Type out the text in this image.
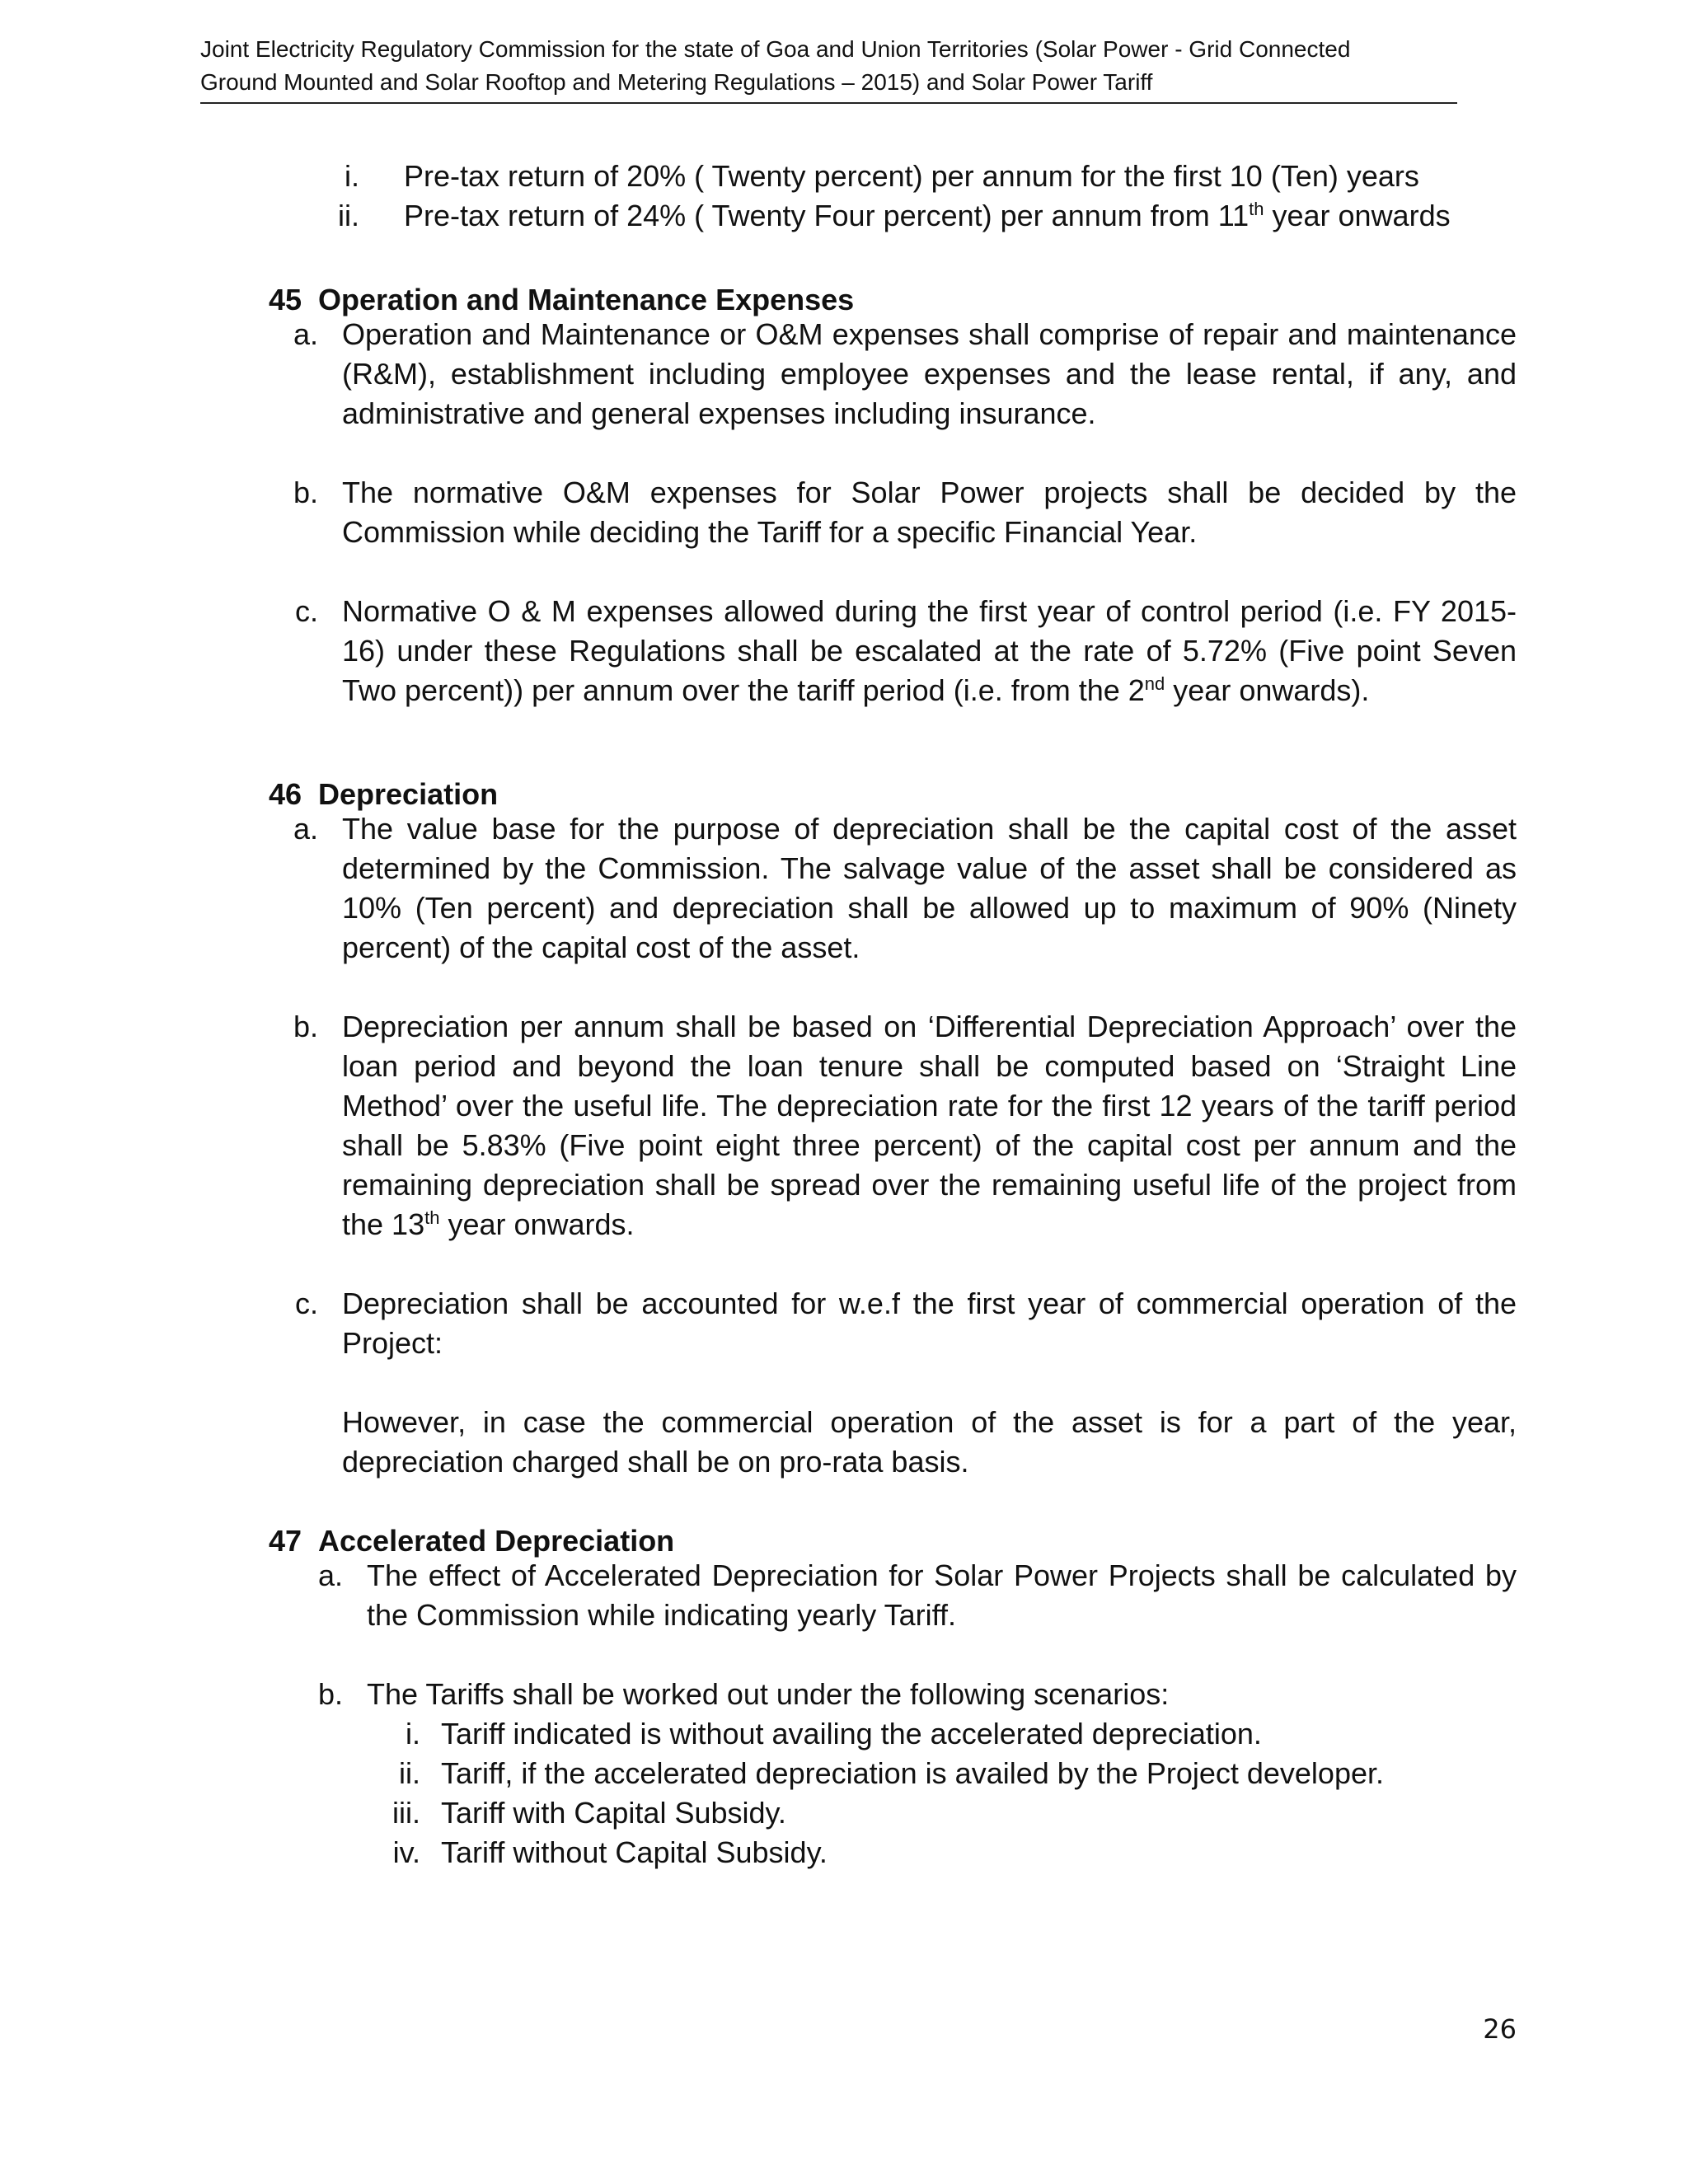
Joint Electricity Regulatory Commission for the state of Goa and Union Territories (Solar Power - Grid Connected
Ground Mounted and Solar Rooftop and Metering Regulations – 2015) and Solar Power Tariff
i. Pre-tax return of 20% ( Twenty percent) per annum for the first 10 (Ten) years
ii. Pre-tax return of 24% ( Twenty Four percent) per annum from 11th year onwards
45 Operation and Maintenance Expenses
a. Operation and Maintenance or O&M expenses shall comprise of repair and maintenance (R&M), establishment including employee expenses and the lease rental, if any, and administrative and general expenses including insurance.
b. The normative O&M expenses for Solar Power projects shall be decided by the Commission while deciding the Tariff for a specific Financial Year.
c. Normative O & M expenses allowed during the first year of control period (i.e. FY 2015-16) under these Regulations shall be escalated at the rate of 5.72% (Five point Seven Two percent)) per annum over the tariff period (i.e. from the 2nd year onwards).
46 Depreciation
a. The value base for the purpose of depreciation shall be the capital cost of the asset determined by the Commission. The salvage value of the asset shall be considered as 10% (Ten percent) and depreciation shall be allowed up to maximum of 90% (Ninety percent) of the capital cost of the asset.
b. Depreciation per annum shall be based on ‘Differential Depreciation Approach’ over the loan period and beyond the loan tenure shall be computed based on ‘Straight Line Method’ over the useful life. The depreciation rate for the first 12 years of the tariff period shall be 5.83% (Five point eight three percent) of the capital cost per annum and the remaining depreciation shall be spread over the remaining useful life of the project from the 13th year onwards.
c. Depreciation shall be accounted for w.e.f the first year of commercial operation of the Project:
However, in case the commercial operation of the asset is for a part of the year, depreciation charged shall be on pro-rata basis.
47 Accelerated Depreciation
a. The effect of Accelerated Depreciation for Solar Power Projects shall be calculated by the Commission while indicating yearly Tariff.
b. The Tariffs shall be worked out under the following scenarios:
i. Tariff indicated is without availing the accelerated depreciation.
ii. Tariff, if the accelerated depreciation is availed by the Project developer.
iii. Tariff with Capital Subsidy.
iv. Tariff without Capital Subsidy.
26
